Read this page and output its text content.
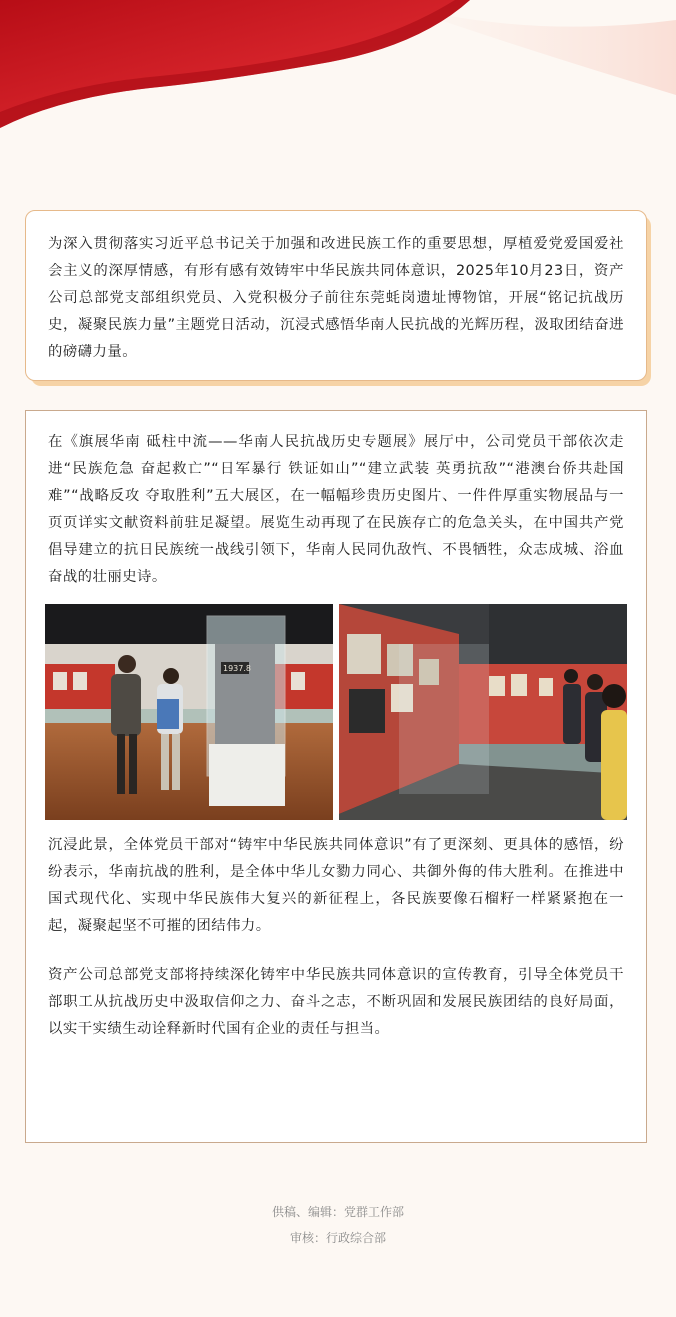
为深入贯彻落实习近平总书记关于加强和改进民族工作的重要思想，厚植爱党爱国爱社会主义的深厚情感，有形有感有效铸牢中华民族共同体意识，2025年10月23日，资产公司总部党支部组织党员、入党积极分子前往东莞蚝岗遗址博物馆，开展“铭记抗战历史，凝聚民族力量”主题党日活动，沉浸式感悟华南人民抗战的光辉历程，汲取团结奋进的磅礴力量。

在《旗展华南 砥柱中流——华南人民抗战历史专题展》展厅中，公司党员干部依次走进“民族危急 奋起救亡”“日军暴行 铁证如山”“建立武装 英勇抗敌”“港澳台侨共赴国难”“战略反攻 夺取胜利”五大展区，在一幅幅珍贵历史图片、一件件厚重实物展品与一页页详实文献资料前驻足凝望。展览生动再现了在民族存亡的危急关头，在中国共产党倡导建立的抗日民族统一战线引领下，华南人民同仇敌忾、不畏牺牲，众志成城、浴血奋战的壮丽史诗。

1937.8

沉浸此景，全体党员干部对“铸牢中华民族共同体意识”有了更深刻、更具体的感悟，纷纷表示，华南抗战的胜利，是全体中华儿女勠力同心、共御外侮的伟大胜利。在推进中国式现代化、实现中华民族伟大复兴的新征程上，各民族要像石榴籽一样紧紧抱在一起，凝聚起坚不可摧的团结伟力。

资产公司总部党支部将持续深化铸牢中华民族共同体意识的宣传教育，引导全体党员干部职工从抗战历史中汲取信仰之力、奋斗之志，不断巩固和发展民族团结的良好局面，以实干实绩生动诠释新时代国有企业的责任与担当。

供稿、编辑：党群工作部
审核：行政综合部
